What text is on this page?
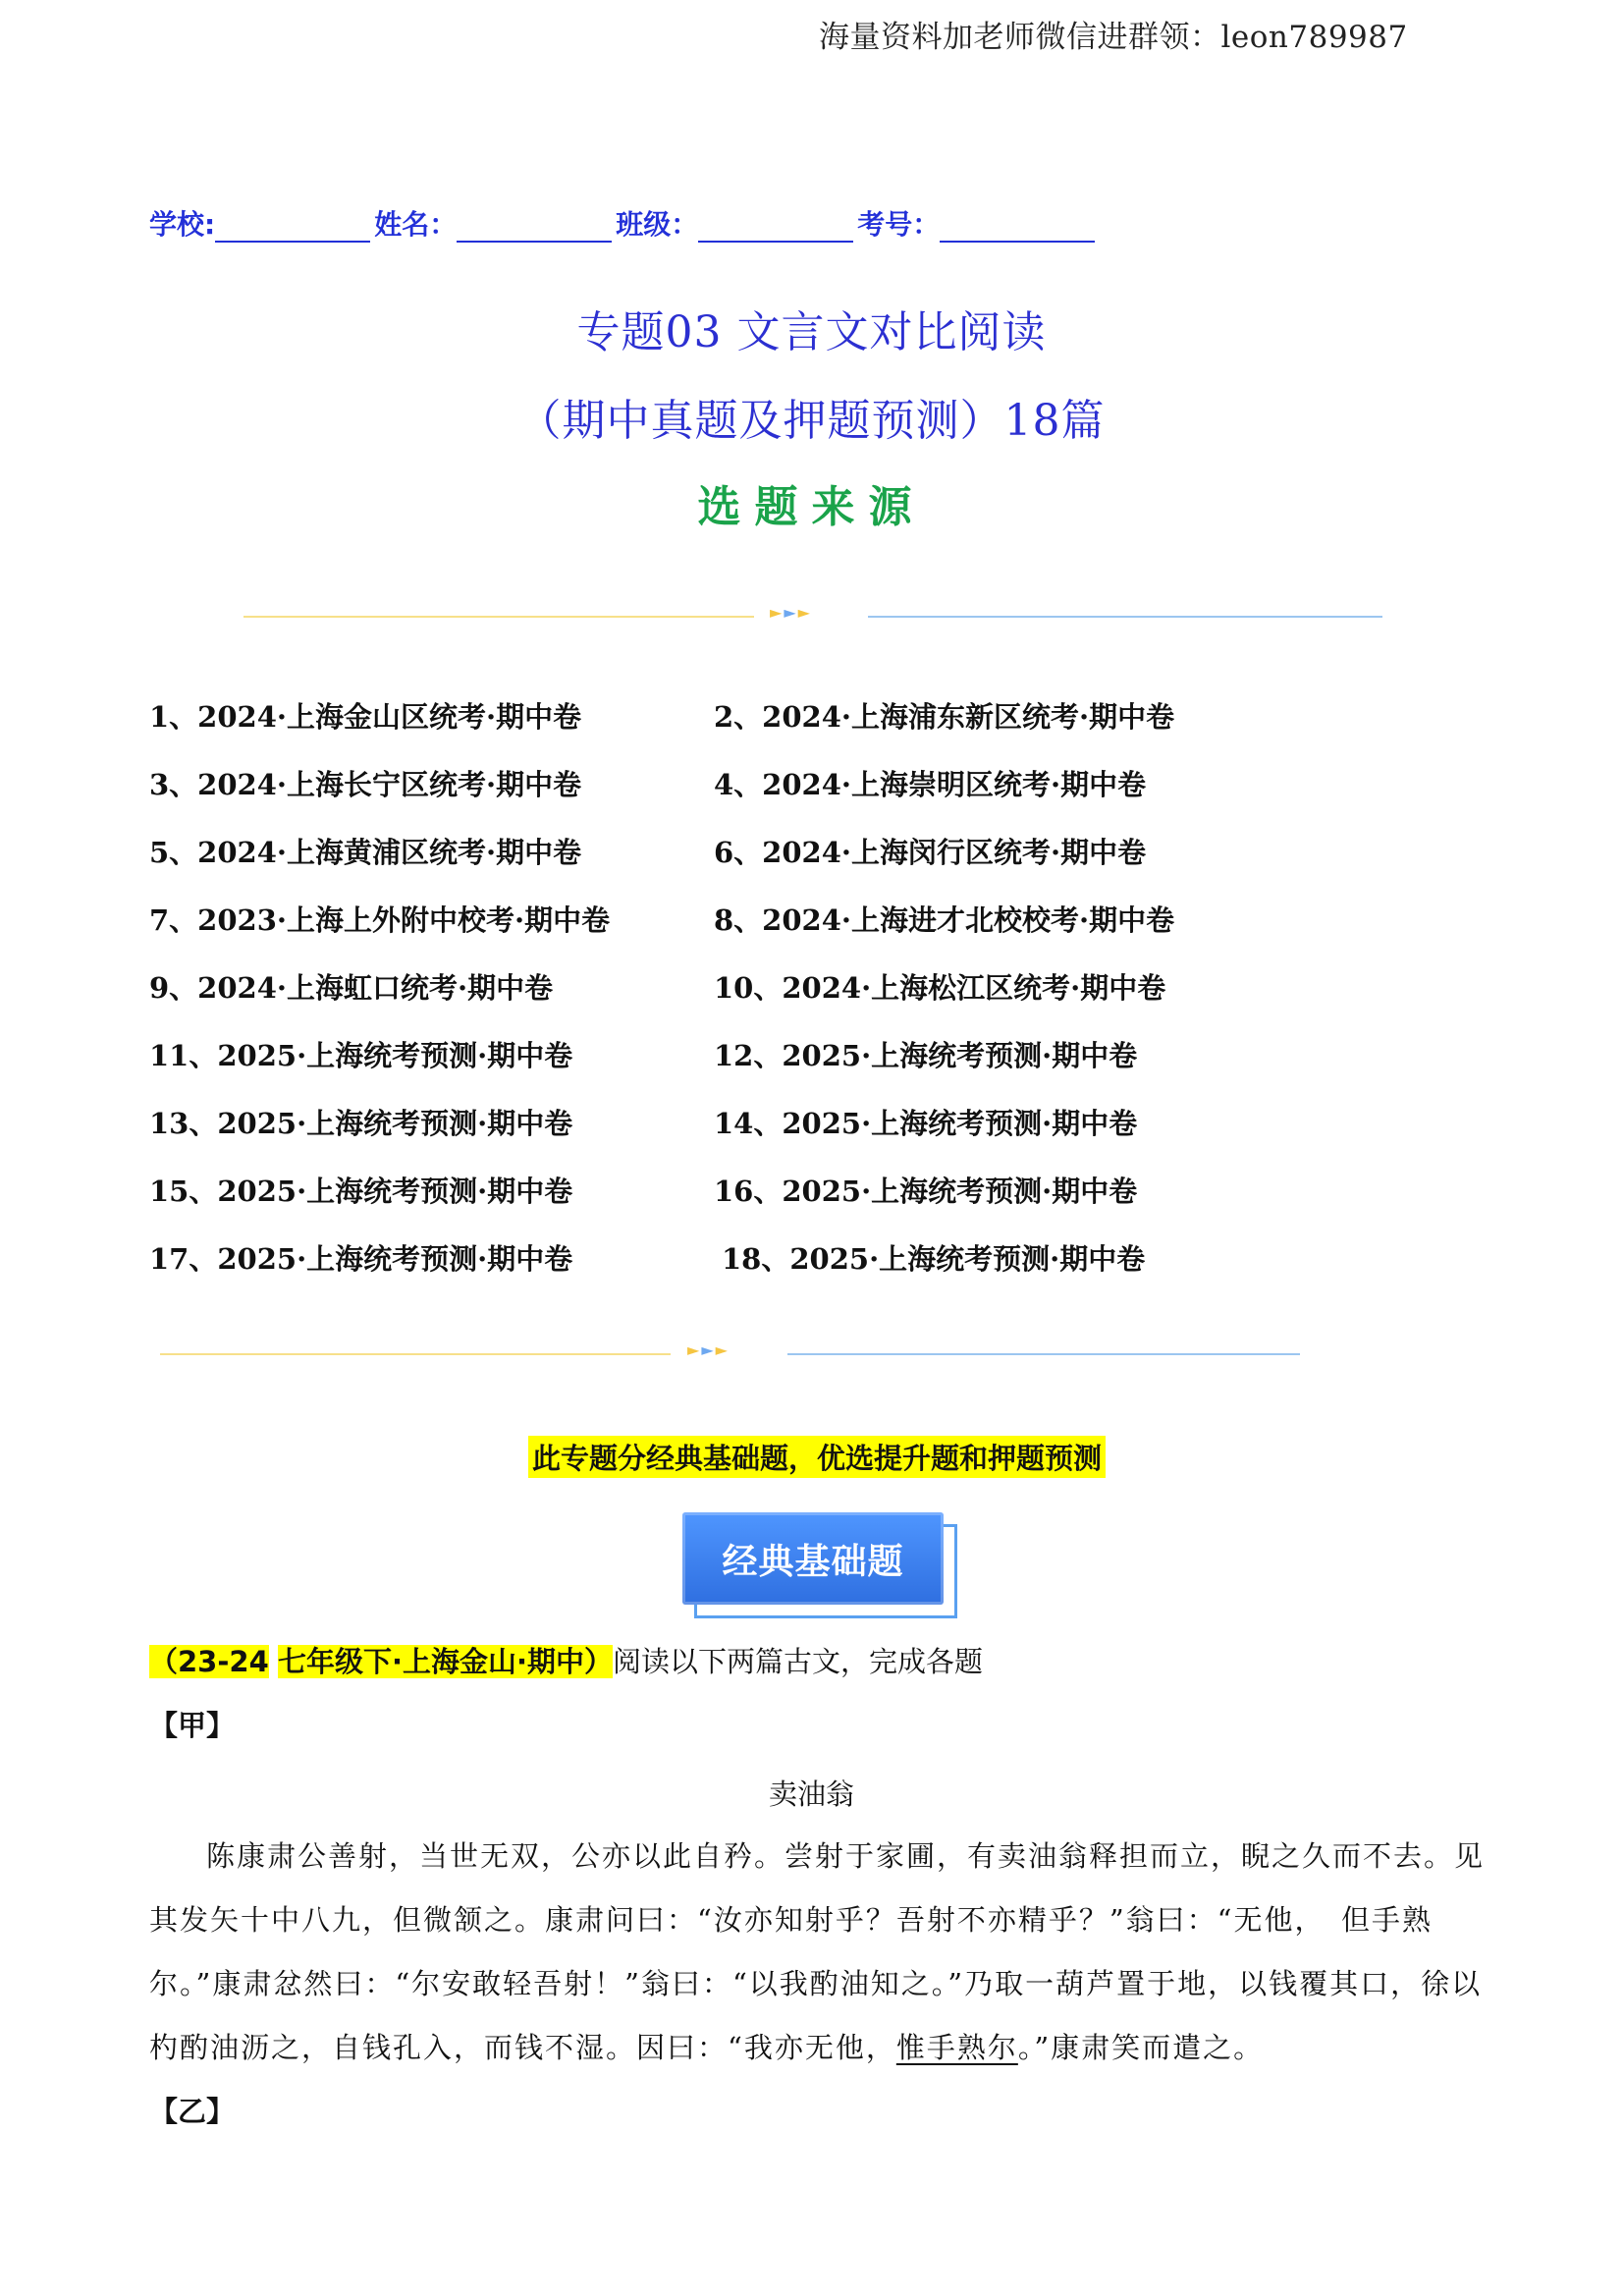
海量资料加老师微信进群领：leon789987
学校:	姓名：	班级：	考号：
专题03 文言文对比阅读
（期中真题及押题预测）18篇
选题来源
►►►
1、2024·上海金山区统考·期中卷	2、2024·上海浦东新区统考·期中卷
3、2024·上海长宁区统考·期中卷	4、2024·上海崇明区统考·期中卷
5、2024·上海黄浦区统考·期中卷	6、2024·上海闵行区统考·期中卷
7、2023·上海上外附中校考·期中卷	8、2024·上海进才北校校考·期中卷
9、2024·上海虹口统考·期中卷	10、2024·上海松江区统考·期中卷
11、2025·上海统考预测·期中卷	12、2025·上海统考预测·期中卷
13、2025·上海统考预测·期中卷	14、2025·上海统考预测·期中卷
15、2025·上海统考预测·期中卷	16、2025·上海统考预测·期中卷
17、2025·上海统考预测·期中卷	18、2025·上海统考预测·期中卷
►►►
此专题分经典基础题，优选提升题和押题预测
经典基础题
（23-24 七年级下·上海金山·期中）阅读以下两篇古文，完成各题
【甲】
卖油翁
陈康肃公善射，当世无双，公亦以此自矜。尝射于家圃，有卖油翁释担而立，睨之久而不去。见其发矢十中八九，但微颔之。康肃问曰：“汝亦知射乎？吾射不亦精乎？”翁曰：“无他，　但手熟尔。”康肃忿然曰：“尔安敢轻吾射！”翁曰：“以我酌油知之。”乃取一葫芦置于地，以钱覆其口，徐以杓酌油沥之，自钱孔入，而钱不湿。因曰：“我亦无他，惟手熟尔。”康肃笑而遣之。
【乙】
